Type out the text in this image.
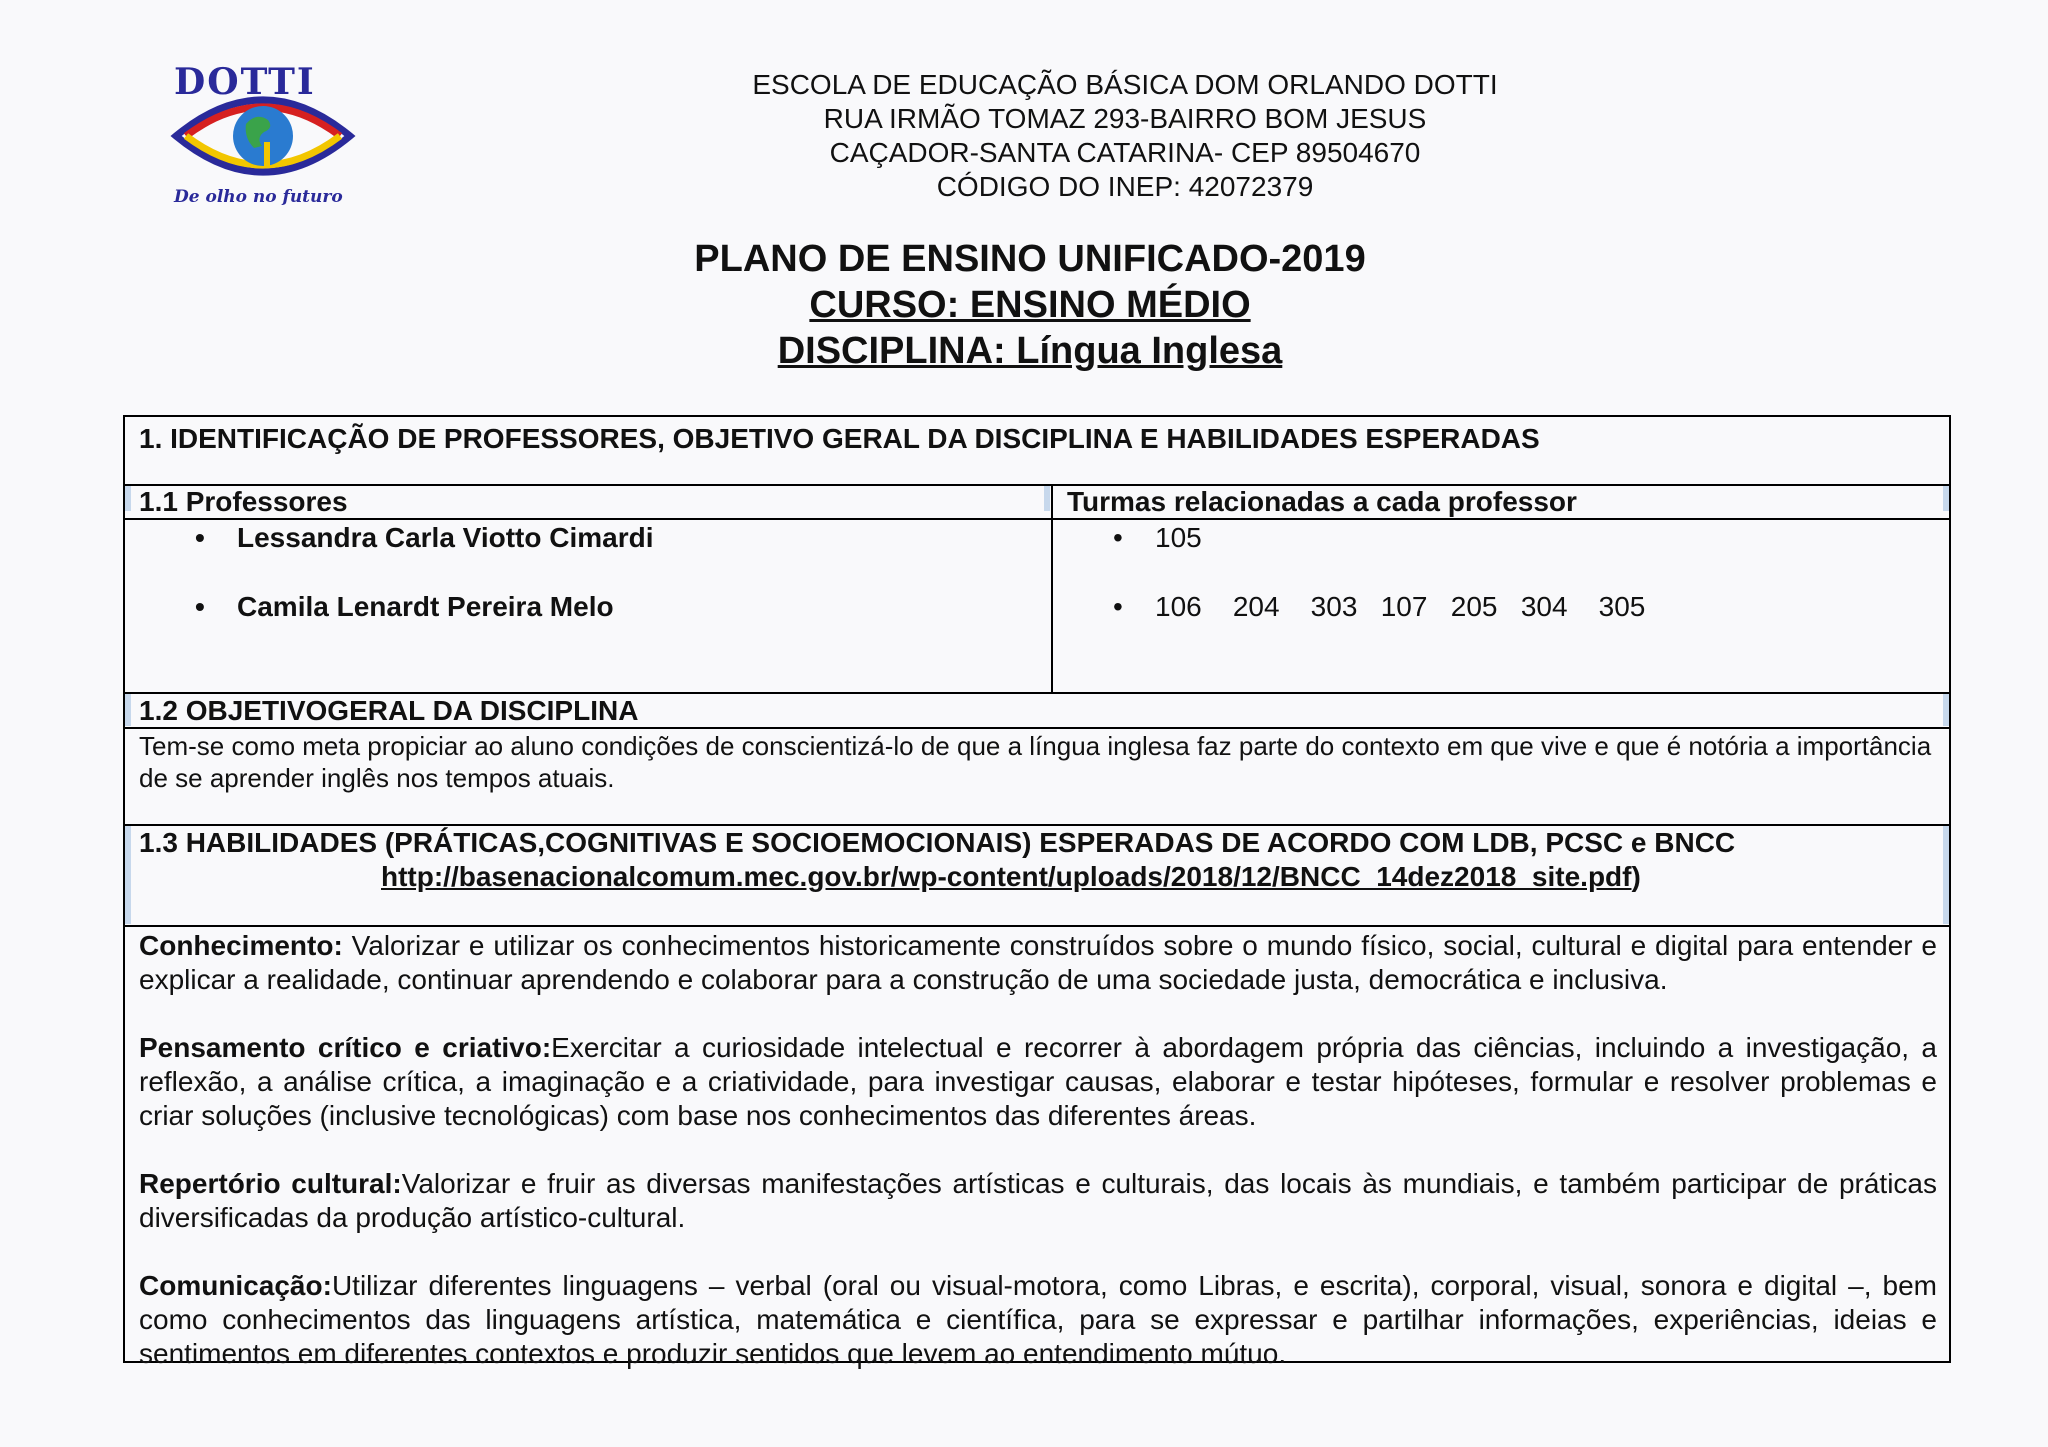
DOTTI
De olho no futuro
ESCOLA DE EDUCAÇÃO BÁSICA DOM ORLANDO DOTTI
RUA IRMÃO TOMAZ 293-BAIRRO BOM JESUS
CAÇADOR-SANTA CATARINA- CEP 89504670
CÓDIGO DO INEP: 42072379
PLANO DE ENSINO UNIFICADO-2019
CURSO: ENSINO MÉDIO
DISCIPLINA: Língua Inglesa
1. IDENTIFICAÇÃO DE PROFESSORES, OBJETIVO GERAL DA DISCIPLINA E HABILIDADES ESPERADAS
1.1 Professores	Turmas relacionadas a cada professor
• Lessandra Carla Viotto Cimardi
• Camila Lenardt Pereira Melo
• 105
• 106    204    303   107   205   304    305
1.2 OBJETIVOGERAL DA DISCIPLINA
Tem-se como meta propiciar ao aluno condições de conscientizá-lo de que a língua inglesa faz parte do contexto em que vive e que é notória a importância de se aprender inglês nos tempos atuais.
1.3 HABILIDADES (PRÁTICAS,COGNITIVAS E SOCIOEMOCIONAIS) ESPERADAS DE ACORDO COM LDB, PCSC e BNCC
http://basenacionalcomum.mec.gov.br/wp-content/uploads/2018/12/BNCC_14dez2018_site.pdf)
Conhecimento: Valorizar e utilizar os conhecimentos historicamente construídos sobre o mundo físico, social, cultural e digital para entender e explicar a realidade, continuar aprendendo e colaborar para a construção de uma sociedade justa, democrática e inclusiva.
Pensamento crítico e criativo:Exercitar a curiosidade intelectual e recorrer à abordagem própria das ciências, incluindo a investigação, a reflexão, a análise crítica, a imaginação e a criatividade, para investigar causas, elaborar e testar hipóteses, formular e resolver problemas e criar soluções (inclusive tecnológicas) com base nos conhecimentos das diferentes áreas.
Repertório cultural:Valorizar e fruir as diversas manifestações artísticas e culturais, das locais às mundiais, e também participar de práticas diversificadas da produção artístico-cultural.
Comunicação:Utilizar diferentes linguagens – verbal (oral ou visual-motora, como Libras, e escrita), corporal, visual, sonora e digital –, bem como conhecimentos das linguagens artística, matemática e científica, para se expressar e partilhar informações, experiências, ideias e sentimentos em diferentes contextos e produzir sentidos que levem ao entendimento mútuo.
